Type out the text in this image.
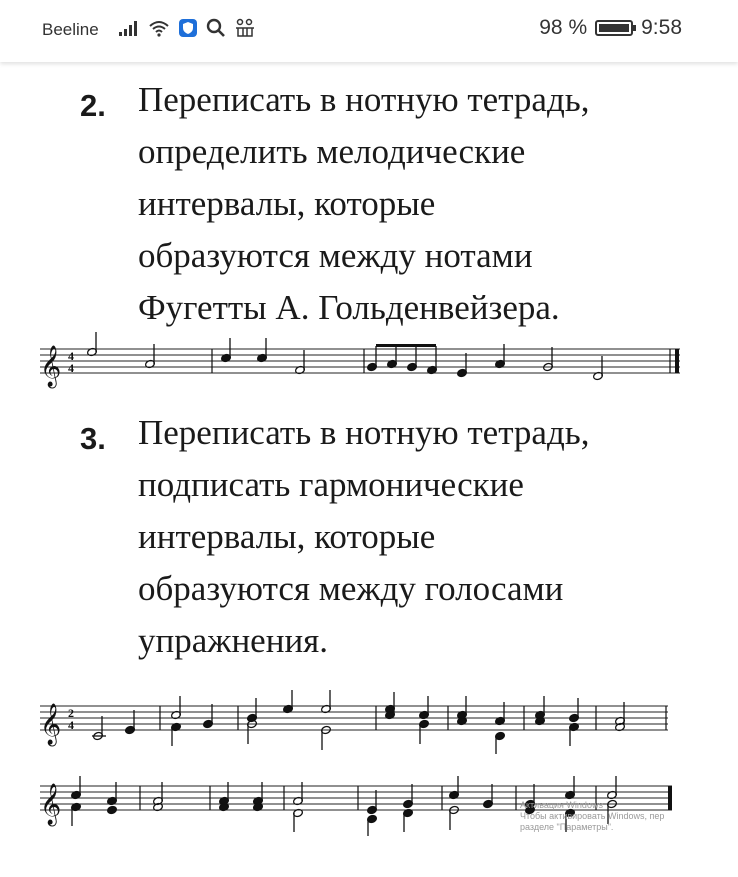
Beeline	98 %	9:58
2. Переписать в нотную тетрадь,
определить мелодические
интервалы, которые
образуются между нотами
Фугетты А. Гольденвейзера.
𝄞 4
4
3. Переписать в нотную тетрадь,
подписать гармонические
интервалы, которые
образуются между голосами
упражнения.
𝄞 2
4
𝄞	Активация Windows
Чтобы активировать Windows, пер
разделе "Параметры".
